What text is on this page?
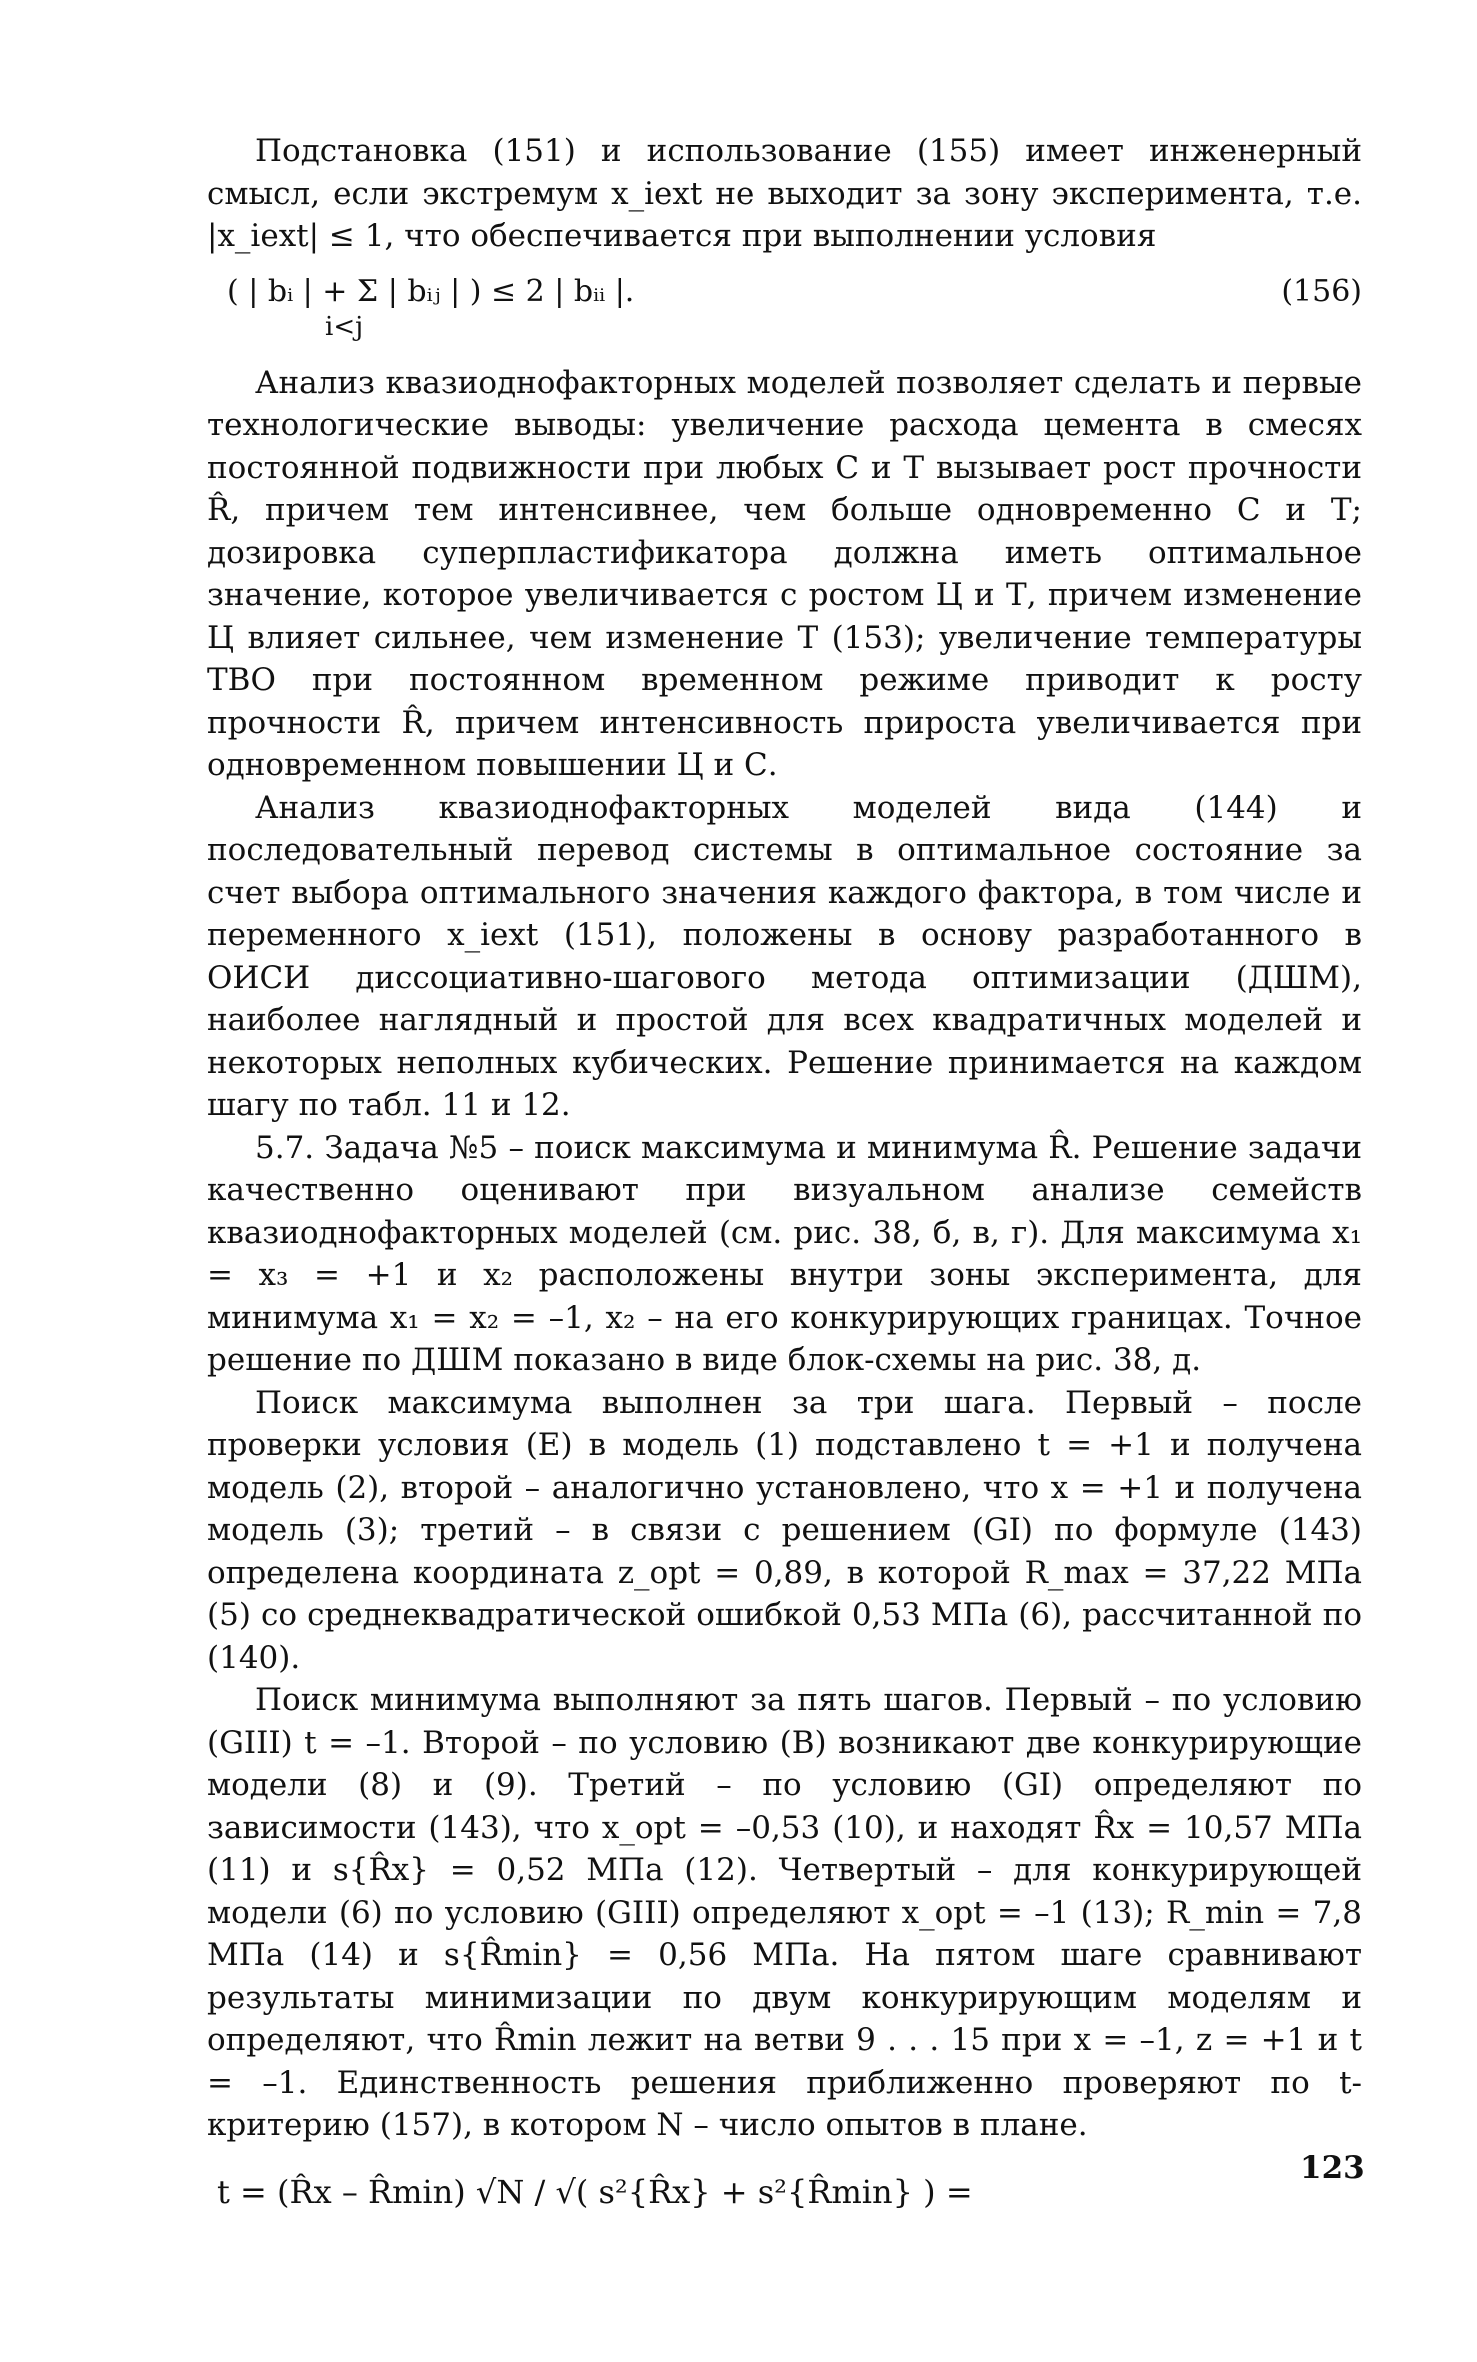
Подстановка (151) и использование (155) имеет инженерный смысл, если экстремум x_iext не выходит за зону эксперимента, т.е. |x_iext| ≤ 1, что обеспечивается при выполнении условия

( | bᵢ | + Σ | bᵢⱼ | ) ≤ 2 | bᵢᵢ |.
i<j
(156)

Анализ квазиоднофакторных моделей позволяет сделать и первые технологические выводы: увеличение расхода цемента в смесях постоянной подвижности при любых С и Т вызывает рост прочности R̂, причем тем интенсивнее, чем больше одновременно С и Т; дозировка суперпластификатора должна иметь оптимальное значение, которое увеличивается с ростом Ц и Т, причем изменение Ц влияет сильнее, чем изменение Т (153); увеличение температуры ТВО при постоянном временном режиме приводит к росту прочности R̂, причем интенсивность прироста увеличивается при одновременном повышении Ц и С.

Анализ квазиоднофакторных моделей вида (144) и последовательный перевод системы в оптимальное состояние за счет выбора оптимального значения каждого фактора, в том числе и переменного x_iext (151), положены в основу разработанного в ОИСИ диссоциативно-шагового метода оптимизации (ДШМ), наиболее наглядный и простой для всех квадратичных моделей и некоторых неполных кубических. Решение принимается на каждом шагу по табл. 11 и 12.

5.7. Задача №5 – поиск максимума и минимума R̂. Решение задачи качественно оценивают при визуальном анализе семейств квазиоднофакторных моделей (см. рис. 38, б, в, г). Для максимума x₁ = x₃ = +1 и x₂ расположены внутри зоны эксперимента, для минимума x₁ = x₂ = –1, x₂ – на его конкурирующих границах. Точное решение по ДШМ показано в виде блок-схемы на рис. 38, д.

Поиск максимума выполнен за три шага. Первый – после проверки условия (Е) в модель (1) подставлено t = +1 и получена модель (2), второй – аналогично установлено, что x = +1 и получена модель (3); третий – в связи с решением (GI) по формуле (143) определена координата z_opt = 0,89, в которой R_max = 37,22 МПа (5) со среднеквадратической ошибкой 0,53 МПа (6), рассчитанной по (140).

Поиск минимума выполняют за пять шагов. Первый – по условию (GIII) t = –1. Второй – по условию (B) возникают две конкурирующие модели (8) и (9). Третий – по условию (GI) определяют по зависимости (143), что x_opt = –0,53 (10), и находят R̂x = 10,57 МПа (11) и s{R̂x} = 0,52 МПа (12). Четвертый – для конкурирующей модели (6) по условию (GIII) определяют x_opt = –1 (13); R_min = 7,8 МПа (14) и s{R̂min} = 0,56 МПа. На пятом шаге сравнивают результаты минимизации по двум конкурирующим моделям и определяют, что R̂min лежит на ветви 9 . . . 15 при x = –1, z = +1 и t = –1. Единственность решения приближенно проверяют по t-критерию (157), в котором N – число опытов в плане.

t = (R̂x – R̂min) √N / √( s²{R̂x} + s²{R̂min} ) =
123
